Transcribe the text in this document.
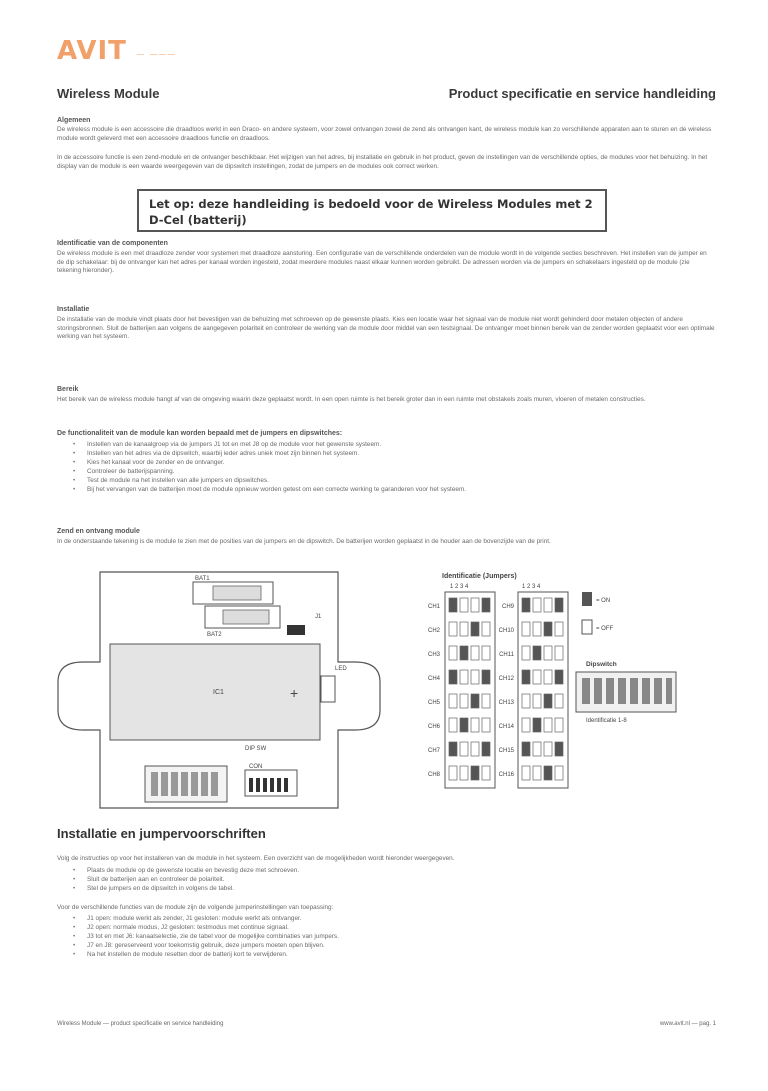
AVIT — ———
Wireless Module	Product specificatie en service handleiding
Algemeen

De wireless module is een accessoire die draadloos werkt in een Draco- en andere systeem, voor zowel ontvangen zowel de zend als ontvangen kant, de wireless module kan zo verschillende apparaten aan te sturen en de wireless module wordt geleverd met een accessoire draadloos functie en draadloos.

In de accessoire functie is een zend-module en de ontvanger beschikbaar. Het wijzigen van het adres, bij installatie en gebruik in het product, geven de instellingen van de verschillende opties, de modules voor het behuizing. In het display van de module is een waarde weergegeven van de dipswitch instellingen, zodat de jumpers en de modules ook correct werken.

Let op: deze handleiding is bedoeld voor de Wireless Modules met 2 D-Cel (batterij)
Identificatie van de componenten

De wireless module is een met draadloze zender voor systemen met draadloze aansturing. Een configuratie van de verschillende onderdelen van de module wordt in de volgende secties beschreven. Het instellen van de jumper en de dip schakelaar: bij de ontvanger kan het adres per kanaal worden ingesteld, zodat meerdere modules naast elkaar kunnen worden gebruikt. De adressen worden via de jumpers en schakelaars ingesteld op de module (zie tekening hieronder).

Installatie

De installatie van de module vindt plaats door het bevestigen van de behuizing met schroeven op de gewenste plaats. Kies een locatie waar het signaal van de module niet wordt gehinderd door metalen objecten of andere storingsbronnen. Sluit de batterijen aan volgens de aangegeven polariteit en controleer de werking van de module door middel van een testsignaal. De ontvanger moet binnen bereik van de zender worden geplaatst voor een optimale werking van het systeem.

Bereik

Het bereik van de wireless module hangt af van de omgeving waarin deze geplaatst wordt. In een open ruimte is het bereik groter dan in een ruimte met obstakels zoals muren, vloeren of metalen constructies.

De functionaliteit van de module kan worden bepaald met de jumpers en dipswitches:
• Instellen van de kanaalgroep via de jumpers J1 tot en met J8 op de module voor het gewenste systeem.
• Instellen van het adres via de dipswitch, waarbij ieder adres uniek moet zijn binnen het systeem.
• Kies het kanaal voor de zender en de ontvanger.
• Controleer de batterijspanning.
• Test de module na het instellen van alle jumpers en dipswitches.
• Bij het vervangen van de batterijen moet de module opnieuw worden getest om een correcte werking te garanderen voor het systeem.
Zend en ontvang module

In de onderstaande tekening is de module te zien met de posities van de jumpers en de dipswitch. De batterijen worden geplaatst in de houder aan de bovenzijde van de print.

BAT1
BAT2
J1
IC1	+
LED
DIP SW
CON
Identificatie (Jumpers)
1 2 3 4	1 2 3 4
CH1
CH2
CH3
CH4
CH5
CH6
CH7
CH8
CH9
CH10
CH11
CH12
CH13
CH14
CH15
CH16
= ON
= OFF
Dipswitch
Identificatie 1-8
Installatie en jumpervoorschriften

Volg de instructies op voor het installeren van de module in het systeem. Een overzicht van de mogelijkheden wordt hieronder weergegeven.

• Plaats de module op de gewenste locatie en bevestig deze met schroeven.
• Sluit de batterijen aan en controleer de polariteit.
• Stel de jumpers en de dipswitch in volgens de tabel.

Voor de verschillende functies van de module zijn de volgende jumperinstellingen van toepassing:

• J1 open: module werkt als zender, J1 gesloten: module werkt als ontvanger.
• J2 open: normale modus, J2 gesloten: testmodus met continue signaal.
• J3 tot en met J6: kanaalselectie, zie de tabel voor de mogelijke combinaties van jumpers.
• J7 en J8: gereserveerd voor toekomstig gebruik, deze jumpers moeten open blijven.
• Na het instellen de module resetten door de batterij kort te verwijderen.
Wireless Module — product specificatie en service handleiding	www.avit.nl — pag. 1
